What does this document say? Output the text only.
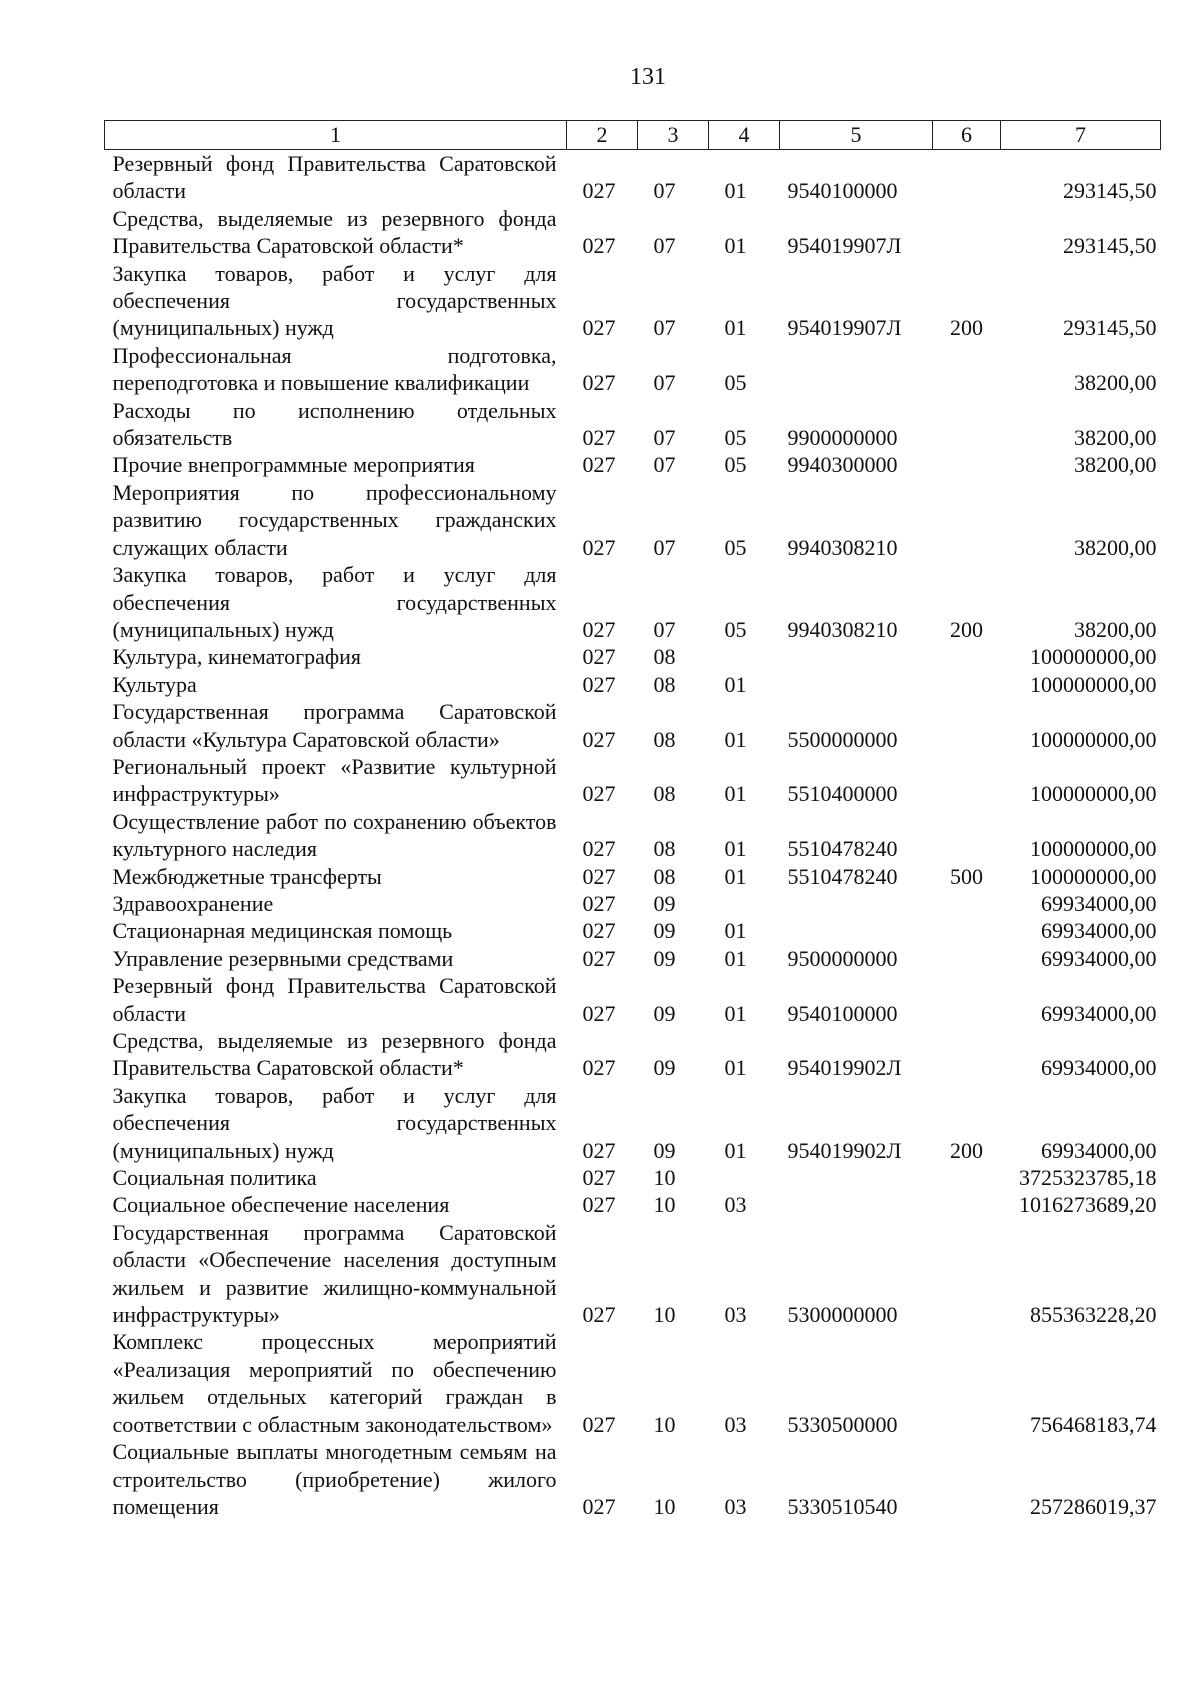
131
1	2	3	4	5	6	7
Резервный фонд Правительства Саратовской области	027	07	01	9540100000		293145,50
Средства, выделяемые из резервного фонда Правительства Саратовской области*	027	07	01	954019907Л		293145,50
Закупка товаров, работ и услуг для обеспечения государственных (муниципальных) нужд	027	07	01	954019907Л	200	293145,50
Профессиональная подготовка, переподготовка и повышение квалификации	027	07	05			38200,00
Расходы по исполнению отдельных обязательств	027	07	05	9900000000		38200,00
Прочие внепрограммные мероприятия	027	07	05	9940300000		38200,00
Мероприятия по профессиональному развитию государственных гражданских служащих области	027	07	05	9940308210		38200,00
Закупка товаров, работ и услуг для обеспечения государственных (муниципальных) нужд	027	07	05	9940308210	200	38200,00
Культура, кинематография	027	08				100000000,00
Культура	027	08	01			100000000,00
Государственная программа Саратовской области «Культура Саратовской области»	027	08	01	5500000000		100000000,00
Региональный проект «Развитие культурной инфраструктуры»	027	08	01	5510400000		100000000,00
Осуществление работ по сохранению объектов культурного наследия	027	08	01	5510478240		100000000,00
Межбюджетные трансферты	027	08	01	5510478240	500	100000000,00
Здравоохранение	027	09				69934000,00
Стационарная медицинская помощь	027	09	01			69934000,00
Управление резервными средствами	027	09	01	9500000000		69934000,00
Резервный фонд Правительства Саратовской области	027	09	01	9540100000		69934000,00
Средства, выделяемые из резервного фонда Правительства Саратовской области*	027	09	01	954019902Л		69934000,00
Закупка товаров, работ и услуг для обеспечения государственных (муниципальных) нужд	027	09	01	954019902Л	200	69934000,00
Социальная политика	027	10				3725323785,18
Социальное обеспечение населения	027	10	03			1016273689,20
Государственная программа Саратовской области «Обеспечение населения доступным жильем и развитие жилищно-коммунальной инфраструктуры»	027	10	03	5300000000		855363228,20
Комплекс процессных мероприятий «Реализация мероприятий по обеспечению жильем отдельных категорий граждан в соответствии с областным законодательством»	027	10	03	5330500000		756468183,74
Социальные выплаты многодетным семьям на строительство (приобретение) жилого помещения	027	10	03	5330510540		257286019,37
